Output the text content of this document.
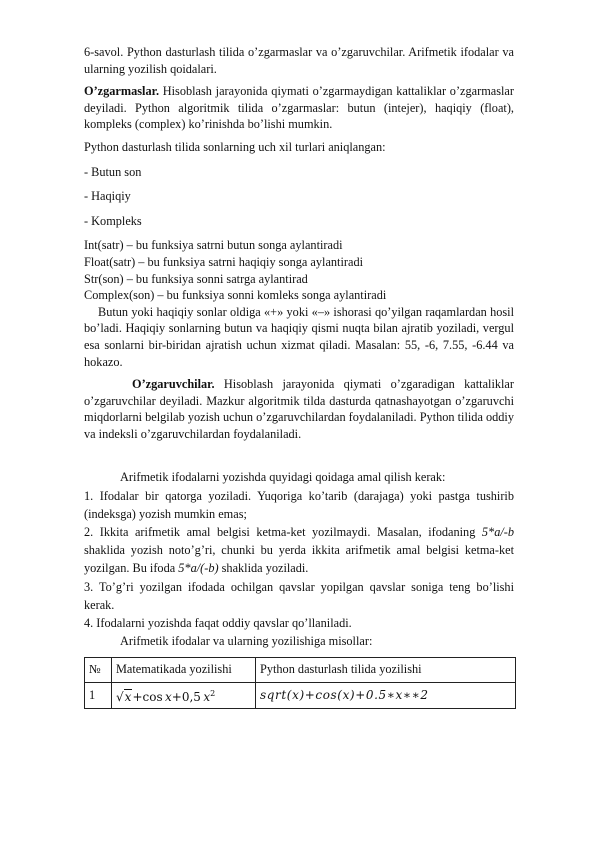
6-savol. Python dasturlash tilida o’zgarmaslar va o’zgaruvchilar. Arifmetik ifodalar va ularning yozilish qoidalari.

O’zgarmaslar. Hisoblash jarayonida qiymati o’zgarmaydigan kattaliklar o’zgarmaslar deyiladi. Python algoritmik tilida o’zgarmaslar: butun (intejer), haqiqiy (float), kompleks (complex) ko’rinishda bo’lishi mumkin.

Python dasturlash tilida sonlarning uch xil turlari aniqlangan:

- Butun son

- Haqiqiy

- Kompleks

Int(satr) – bu funksiya satrni butun songa aylantiradi

Float(satr) – bu funksiya satrni haqiqiy songa aylantiradi

Str(son) – bu funksiya sonni satrga aylantirad

Complex(son) – bu funksiya sonni komleks songa aylantiradi

Butun yoki haqiqiy sonlar oldiga «+» yoki «–» ishorasi qo’yilgan raqamlardan hosil bo’ladi. Haqiqiy sonlarning butun va haqiqiy qismi nuqta bilan ajratib yoziladi, vergul esa sonlarni bir-biridan ajratish uchun xizmat qiladi. Masalan: 55, -6, 7.55, -6.44 va hokazo.

O’zgaruvchilar. Hisoblash jarayonida qiymati o’zgaradigan kattaliklar o’zgaruvchilar deyiladi. Mazkur algoritmik tilda dasturda qatnashayotgan o’zgaruvchi miqdorlarni belgilab yozish uchun o’zgaruvchilardan foydalaniladi. Python tilida oddiy va indeksli o’zgaruvchilardan foydalaniladi.

Arifmetik ifodalarni yozishda quyidagi qoidaga amal qilish kerak:

1. Ifodalar bir qatorga yoziladi. Yuqoriga ko’tarib (darajaga) yoki pastga tushirib (indeksga) yozish mumkin emas;

2. Ikkita arifmetik amal belgisi ketma-ket yozilmaydi. Masalan, ifodaning 5*a/-b shaklida yozish noto’g’ri, chunki bu yerda ikkita arifmetik amal belgisi ketma-ket yozilgan. Bu ifoda 5*a/(-b) shaklida yoziladi.

3. To’g’ri yozilgan ifodada ochilgan qavslar yopilgan qavslar soniga teng bo’lishi kerak.

4. Ifodalarni yozishda faqat oddiy qavslar qo’llaniladi.

Arifmetik ifodalar va ularning yozilishiga misollar:

№	Matematikada yozilishi	Python dasturlash tilida yozilishi
1	√x+cos  x+0,5  $x^2$	sqrt(x)+cos(x)+0.5∗x∗∗2
